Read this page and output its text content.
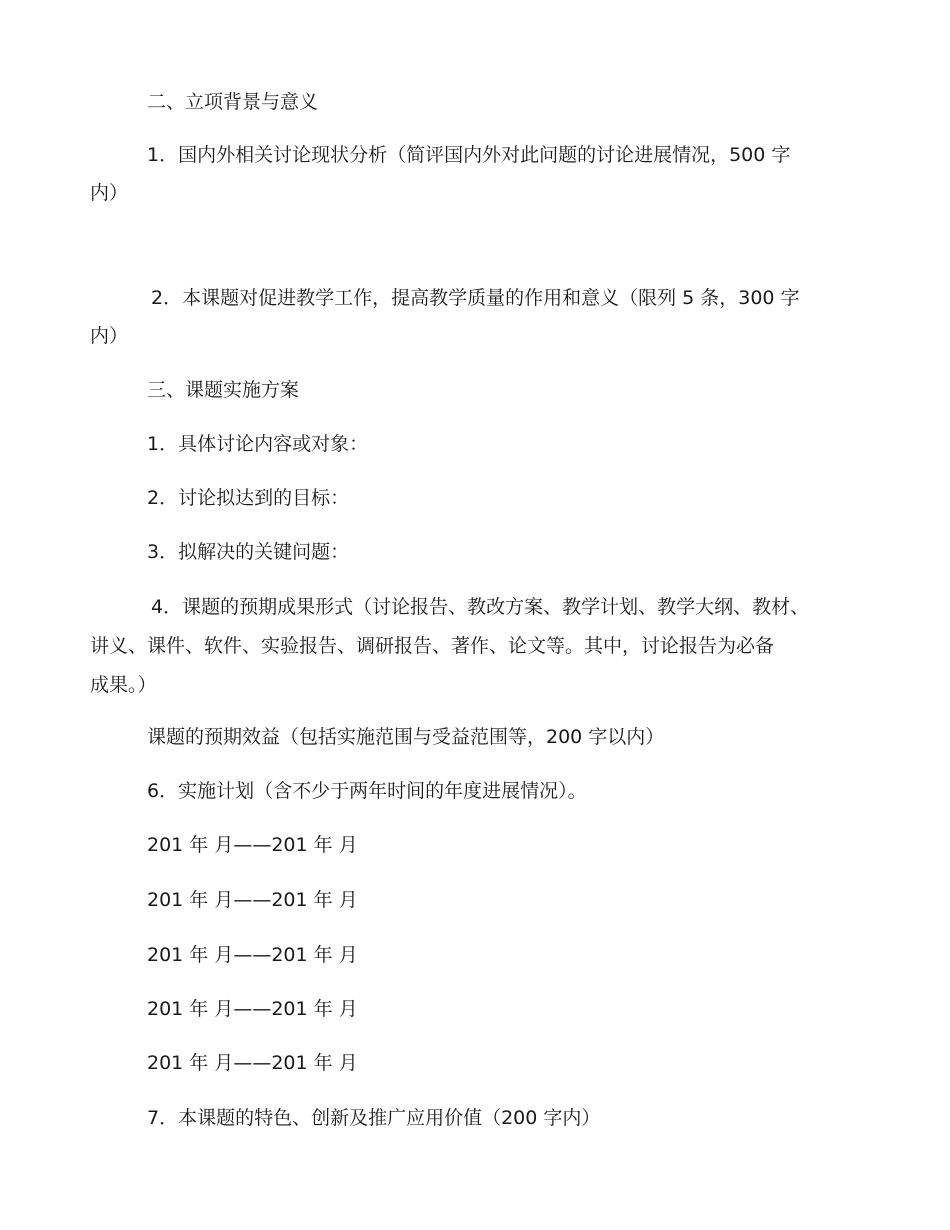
二、立项背景与意义
1．国内外相关讨论现状分析（简评国内外对此问题的讨论进展情况，500 字
内）
2．本课题对促进教学工作，提高教学质量的作用和意义（限列 5 条，300 字
内）
三、课题实施方案
1．具体讨论内容或对象：
2．讨论拟达到的目标：
3．拟解决的关键问题：
4．课题的预期成果形式（讨论报告、教改方案、教学计划、教学大纲、教材、
讲义、课件、软件、实验报告、调研报告、著作、论文等。其中，讨论报告为必备
成果。）
课题的预期效益（包括实施范围与受益范围等，200 字以内）
6．实施计划（含不少于两年时间的年度进展情况）。
201 年 月——201 年 月
201 年 月——201 年 月
201 年 月——201 年 月
201 年 月——201 年 月
201 年 月——201 年 月
7．本课题的特色、创新及推广应用价值（200 字内）
